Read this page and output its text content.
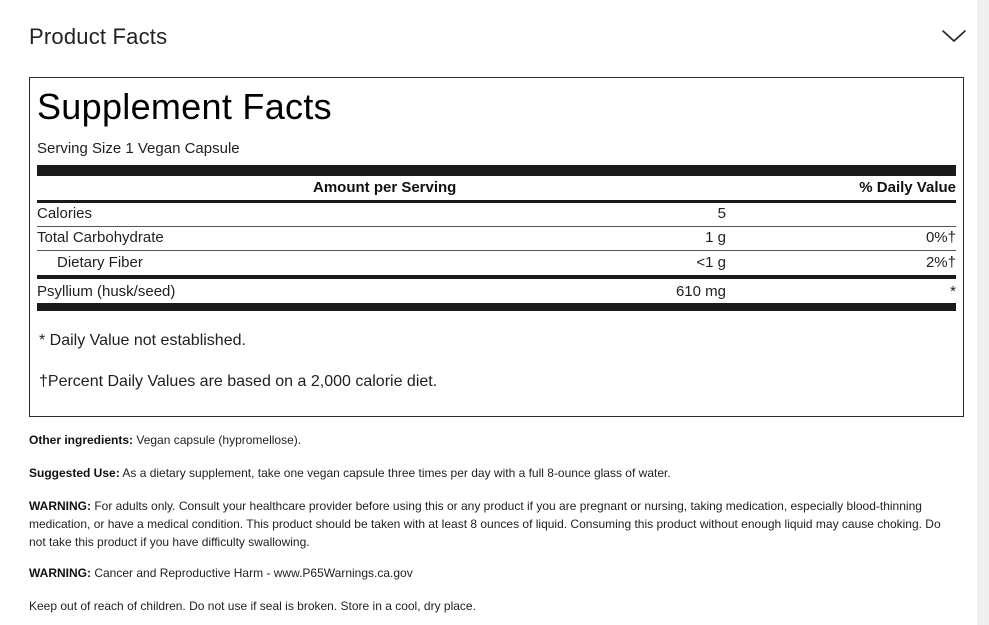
Product Facts
Supplement Facts
Serving Size 1 Vegan Capsule
Amount per Serving	% Daily Value
Calories	5
Total Carbohydrate	1 g	0%†
Dietary Fiber	<1 g	2%†
Psyllium (husk/seed)	610 mg	*
* Daily Value not established.
†Percent Daily Values are based on a 2,000 calorie diet.
Other ingredients: Vegan capsule (hypromellose).
Suggested Use: As a dietary supplement, take one vegan capsule three times per day with a full 8-ounce glass of water.
WARNING: For adults only. Consult your healthcare provider before using this or any product if you are pregnant or nursing, taking medication, especially blood-thinning medication, or have a medical condition. This product should be taken with at least 8 ounces of liquid. Consuming this product without enough liquid may cause choking. Do not take this product if you have difficulty swallowing.
WARNING: Cancer and Reproductive Harm - www.P65Warnings.ca.gov
Keep out of reach of children. Do not use if seal is broken. Store in a cool, dry place.
